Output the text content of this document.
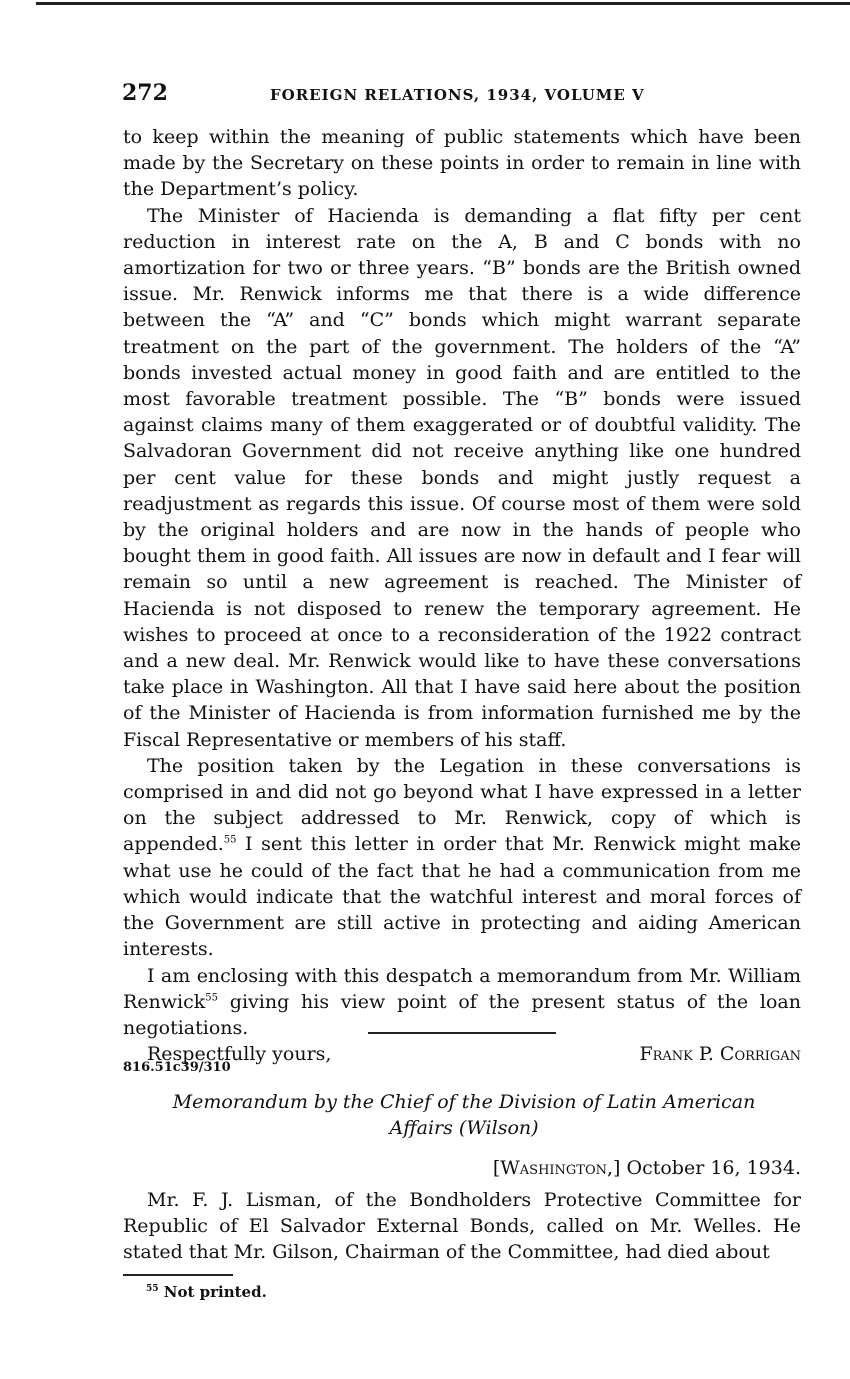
272	FOREIGN RELATIONS, 1934, VOLUME V

to keep within the meaning of public statements which have been made by the Secretary on these points in order to remain in line with the Department’s policy.

The Minister of Hacienda is demanding a flat fifty per cent reduction in interest rate on the A, B and C bonds with no amortization for two or three years. “B” bonds are the British owned issue. Mr. Renwick informs me that there is a wide difference between the “A” and “C” bonds which might warrant separate treatment on the part of the government. The holders of the “A” bonds invested actual money in good faith and are entitled to the most favorable treatment possible. The “B” bonds were issued against claims many of them exaggerated or of doubtful validity. The Salvadoran Government did not receive anything like one hundred per cent value for these bonds and might justly request a readjustment as regards this issue. Of course most of them were sold by the original holders and are now in the hands of people who bought them in good faith. All issues are now in default and I fear will remain so until a new agreement is reached. The Minister of Hacienda is not disposed to renew the temporary agreement. He wishes to proceed at once to a reconsideration of the 1922 contract and a new deal. Mr. Renwick would like to have these conversations take place in Washington. All that I have said here about the position of the Minister of Hacienda is from information furnished me by the Fiscal Representative or members of his staff.

The position taken by the Legation in these conversations is comprised in and did not go beyond what I have expressed in a letter on the subject addressed to Mr. Renwick, copy of which is appended.$^{55}$ I sent this letter in order that Mr. Renwick might make what use he could of the fact that he had a communication from me which would indicate that the watchful interest and moral forces of the Government are still active in protecting and aiding American interests.

I am enclosing with this despatch a memorandum from Mr. William Renwick$^{55}$ giving his view point of the present status of the loan negotiations.

Respectfully yours,	Frank P. Corrigan
816.51c39/310
Memorandum by the Chief of the Division of Latin American
Affairs (Wilson)
[Washington,] October 16, 1934.

Mr. F. J. Lisman, of the Bondholders Protective Committee for Republic of El Salvador External Bonds, called on Mr. Welles. He stated that Mr. Gilson, Chairman of the Committee, had died about

$^{55}$ Not printed.
